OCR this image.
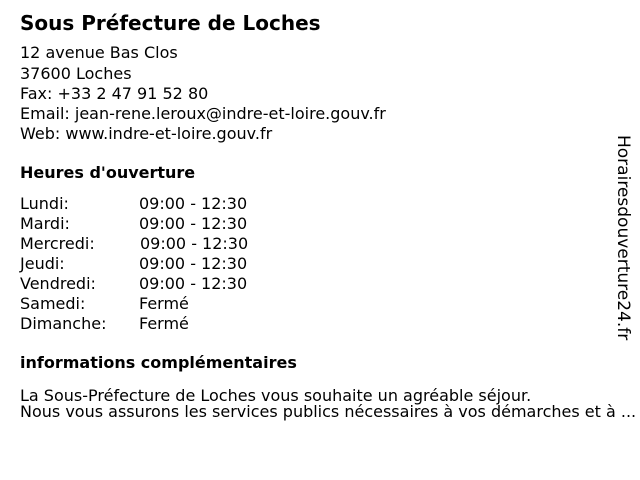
Sous Préfecture de Loches
12 avenue Bas Clos
37600 Loches
Fax: +33 2 47 91 52 80
Email: jean-rene.leroux@indre-et-loire.gouv.fr
Web: www.indre-et-loire.gouv.fr
Heures d'ouverture
Lundi:	09:00 - 12:30
Mardi:	09:00 - 12:30
Mercredi:	09:00 - 12:30
Jeudi:	09:00 - 12:30
Vendredi:	09:00 - 12:30
Samedi:	Fermé
Dimanche: Fermé
informations complémentaires
La Sous-Préfecture de Loches vous souhaite un agréable séjour.
Nous vous assurons les services publics nécessaires à vos démarches et à ...
Horairesdouverture24.fr
